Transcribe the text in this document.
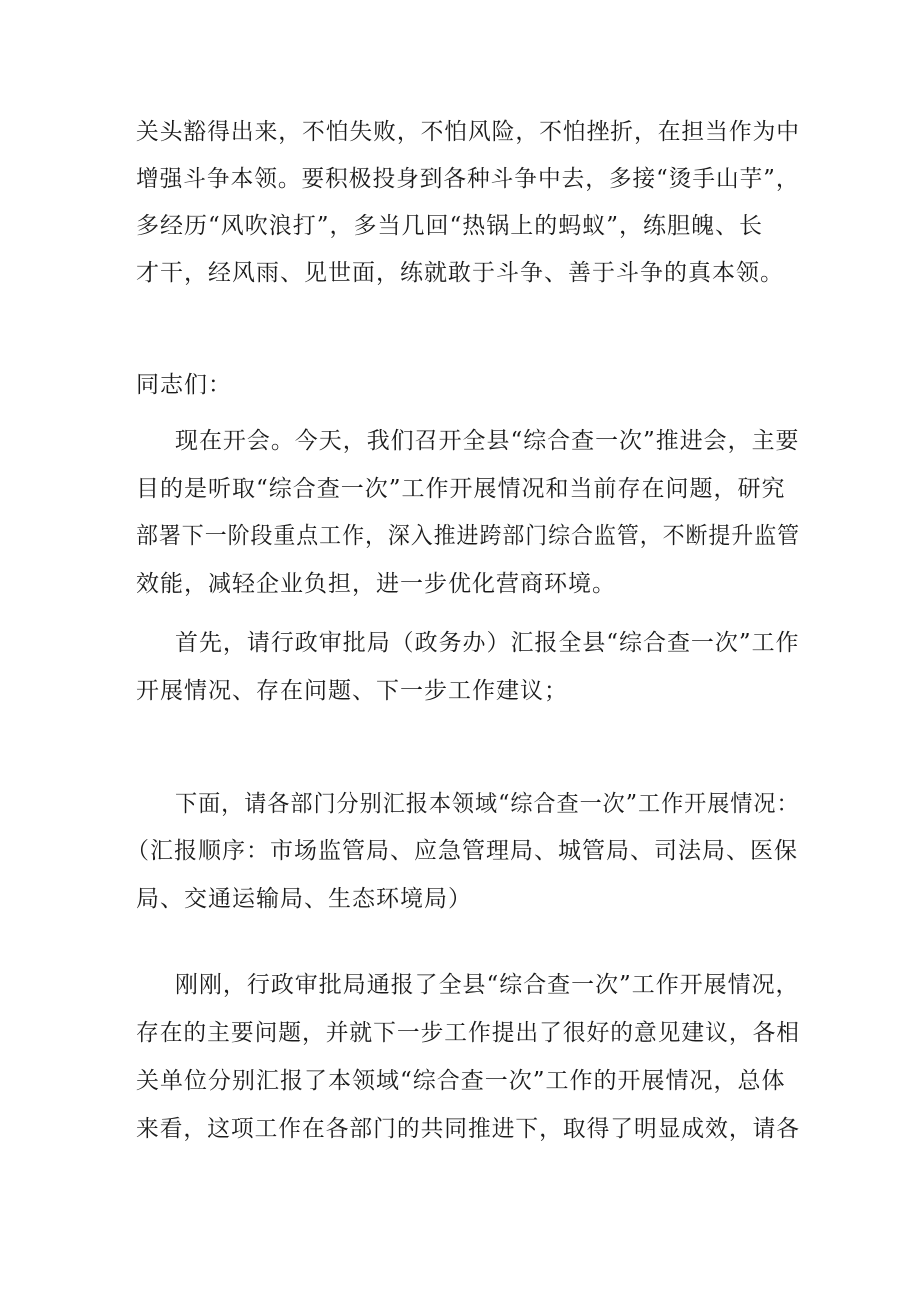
关头豁得出来，不怕失败，不怕风险，不怕挫折，在担当作为中
增强斗争本领。要积极投身到各种斗争中去，多接“烫手山芋”，
多经历“风吹浪打”，多当几回“热锅上的蚂蚁”，练胆魄、长
才干，经风雨、见世面，练就敢于斗争、善于斗争的真本领。
同志们：
现在开会。今天，我们召开全县“综合查一次”推进会，主要
目的是听取“综合查一次”工作开展情况和当前存在问题，研究
部署下一阶段重点工作，深入推进跨部门综合监管，不断提升监管
效能，减轻企业负担，进一步优化营商环境。
首先，请行政审批局（政务办）汇报全县“综合查一次”工作
开展情况、存在问题、下一步工作建议；
下面，请各部门分别汇报本领域“综合查一次”工作开展情况：
（汇报顺序：市场监管局、应急管理局、城管局、司法局、医保
局、交通运输局、生态环境局）
刚刚，行政审批局通报了全县“综合查一次”工作开展情况，
存在的主要问题，并就下一步工作提出了很好的意见建议，各相
关单位分别汇报了本领域“综合查一次”工作的开展情况，总体
来看，这项工作在各部门的共同推进下，取得了明显成效，请各
